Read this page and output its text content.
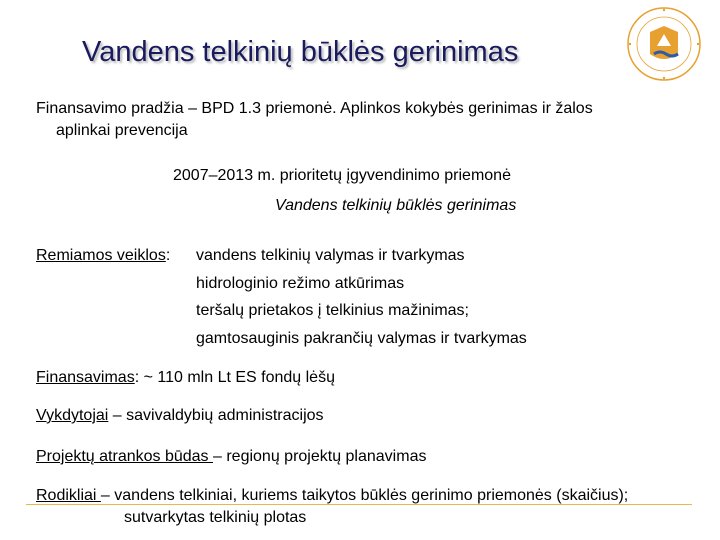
Vandens telkinių būklės gerinimas
Finansavimo pradžia – BPD 1.3 priemonė. Aplinkos kokybės gerinimas ir žalos
aplinkai prevencija
2007–2013 m. prioritetų įgyvendinimo priemonė
Vandens telkinių būklės gerinimas
Remiamos veiklos: vandens telkinių valymas ir tvarkymas
hidrologinio režimo atkūrimas
teršalų prietakos į telkinius mažinimas;
gamtosauginis pakrančių valymas ir tvarkymas
Finansavimas: ~ 110 mln Lt ES fondų lėšų
Vykdytojai – savivaldybių administracijos
Projektų atrankos būdas – regionų projektų planavimas
Rodikliai – vandens telkiniai, kuriems taikytos būklės gerinimo priemonės (skaičius);
sutvarkytas telkinių plotas
